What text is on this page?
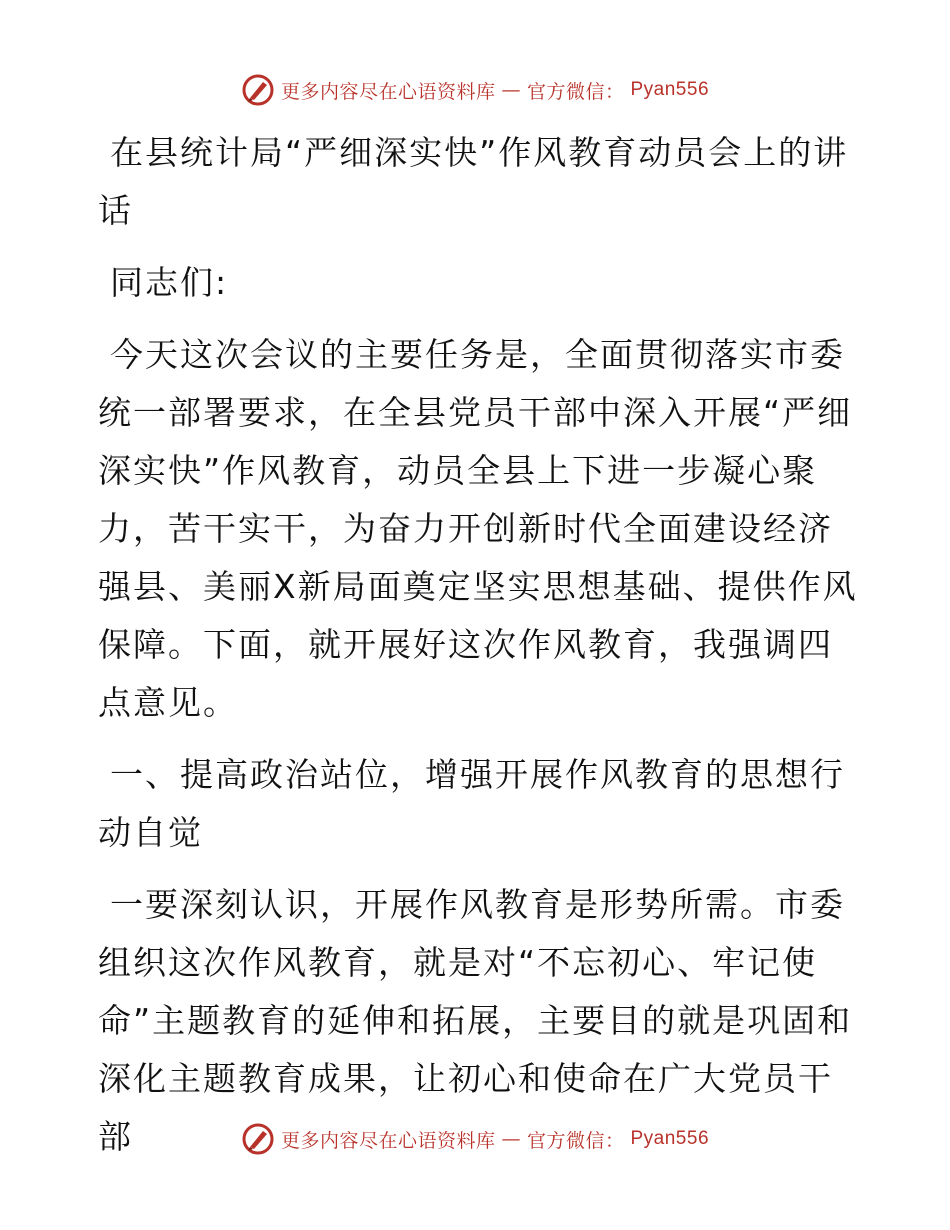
更多内容尽在心语资料库 — 官方微信： Pyan556

在县统计局“严细深实快”作风教育动员会上的讲话

同志们:

今天这次会议的主要任务是，全面贯彻落实市委统一部署要求，在全县党员干部中深入开展“严细深实快”作风教育，动员全县上下进一步凝心聚力，苦干实干，为奋力开创新时代全面建设经济强县、美丽X新局面奠定坚实思想基础、提供作风保障。下面，就开展好这次作风教育，我强调四点意见。

一、提高政治站位，增强开展作风教育的思想行动自觉

一要深刻认识，开展作风教育是形势所需。市委组织这次作风教育，就是对“不忘初心、牢记使命”主题教育的延伸和拓展，主要目的就是巩固和深化主题教育成果，让初心和使命在广大党员干部	更多内容尽在心语资料库 — 官方微信： Pyan556
